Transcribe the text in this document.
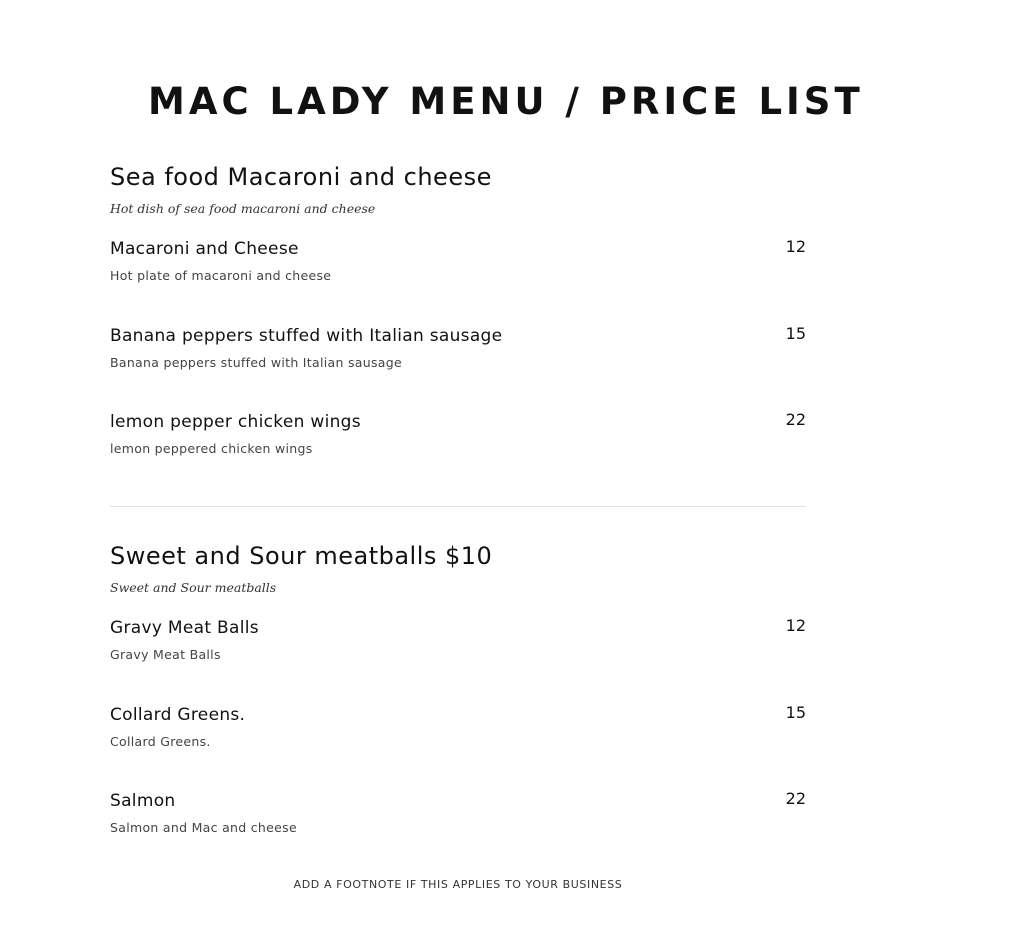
MAC LADY MENU / PRICE LIST
Sea food Macaroni and cheese
Hot dish of sea food macaroni and cheese
Macaroni and Cheese	12
Hot plate of macaroni and cheese
Banana peppers stuffed with Italian sausage	15
Banana peppers stuffed with Italian sausage
lemon pepper chicken wings	22
lemon peppered chicken wings
Sweet and Sour meatballs $10
Sweet and Sour meatballs
Gravy Meat Balls	12
Gravy Meat Balls
Collard Greens.	15
Collard Greens.
Salmon	22
Salmon and Mac and cheese
ADD A FOOTNOTE IF THIS APPLIES TO YOUR BUSINESS
